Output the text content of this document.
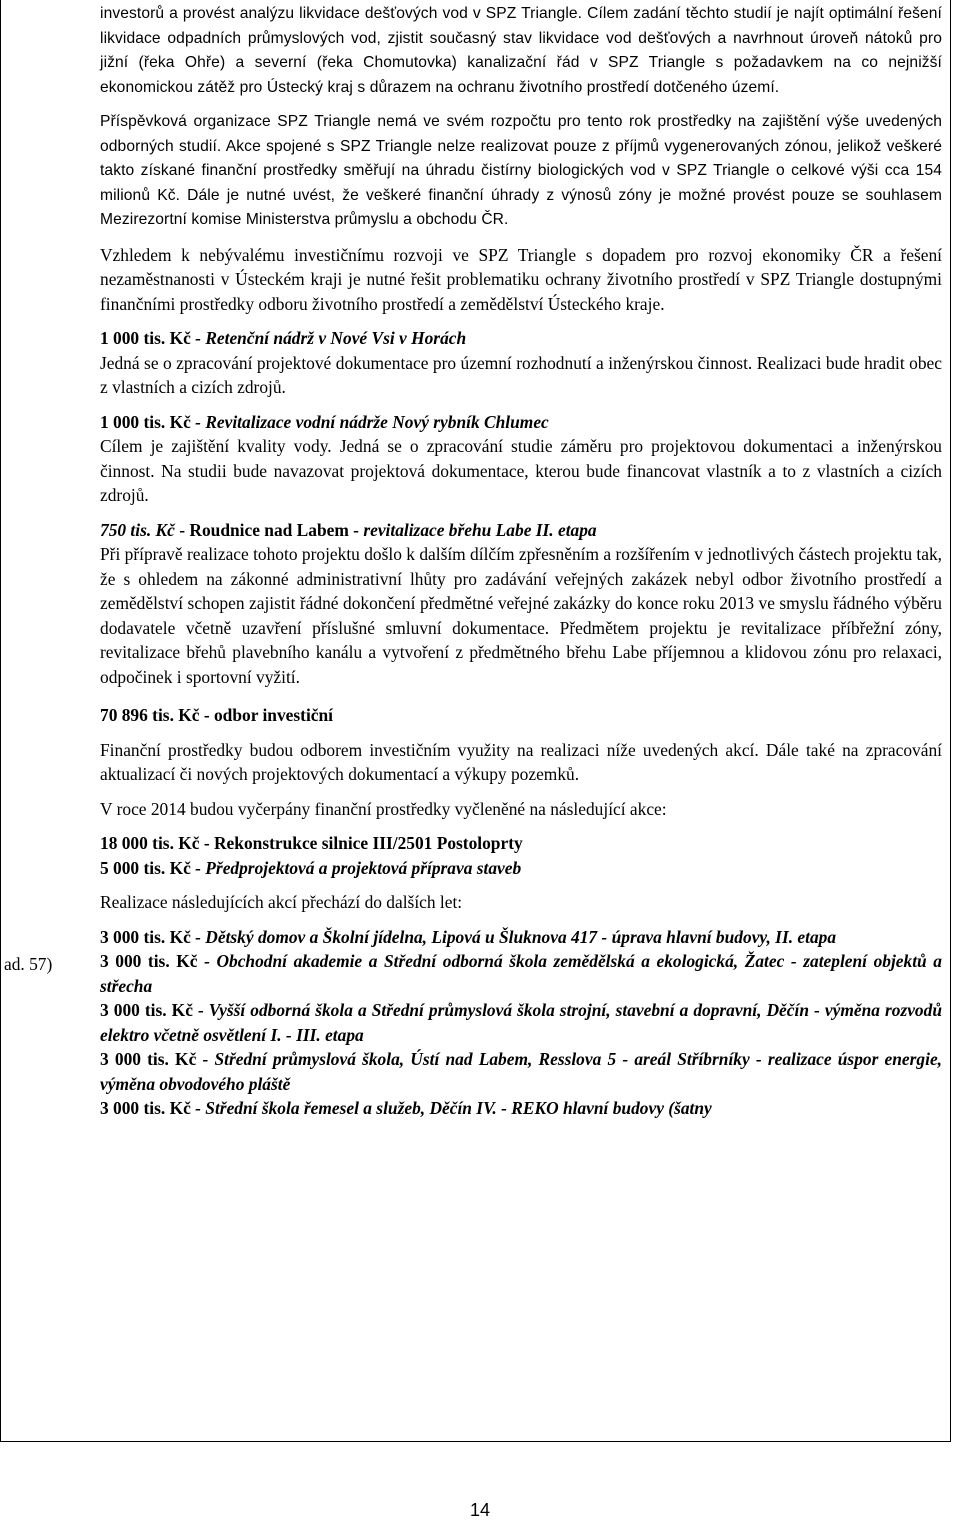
ad. 57)

investorů a provést analýzu likvidace dešťových vod v SPZ Triangle. Cílem zadání těchto studií je najít optimální řešení likvidace odpadních průmyslových vod, zjistit současný stav likvidace vod dešťových a navrhnout úroveň nátoků pro jižní (řeka Ohře) a severní (řeka Chomutovka) kanalizační řád v SPZ Triangle s požadavkem na co nejnižší ekonomickou zátěž pro Ústecký kraj s důrazem na ochranu životního prostředí dotčeného území.

Příspěvková organizace SPZ Triangle nemá ve svém rozpočtu pro tento rok prostředky na zajištění výše uvedených odborných studií. Akce spojené s SPZ Triangle nelze realizovat pouze z příjmů vygenerovaných zónou, jelikož veškeré takto získané finanční prostředky směřují na úhradu čistírny biologických vod v SPZ Triangle o celkové výši cca 154 milionů Kč. Dále je nutné uvést, že veškeré finanční úhrady z výnosů zóny je možné provést pouze se souhlasem Mezirezortní komise Ministerstva průmyslu a obchodu ČR.

Vzhledem k nebývalému investičnímu rozvoji ve SPZ Triangle s dopadem pro rozvoj ekonomiky ČR a řešení nezaměstnanosti v Ústeckém kraji je nutné řešit problematiku ochrany životního prostředí v SPZ Triangle dostupnými finančními prostředky odboru životního prostředí a zemědělství Ústeckého kraje.

1 000 tis. Kč - Retenční nádrž v Nové Vsi v Horách

Jedná se o zpracování projektové dokumentace pro územní rozhodnutí a inženýrskou činnost. Realizaci bude hradit obec z vlastních a cizích zdrojů.

1 000 tis. Kč - Revitalizace vodní nádrže Nový rybník Chlumec

Cílem je zajištění kvality vody. Jedná se o zpracování studie záměru pro projektovou dokumentaci a inženýrskou činnost. Na studii bude navazovat projektová dokumentace, kterou bude financovat vlastník a to z vlastních a cizích zdrojů.

750 tis. Kč - Roudnice nad Labem - revitalizace břehu Labe II. etapa

Při přípravě realizace tohoto projektu došlo k dalším dílčím zpřesněním a rozšířením v jednotlivých částech projektu tak, že s ohledem na zákonné administrativní lhůty pro zadávání veřejných zakázek nebyl odbor životního prostředí a zemědělství schopen zajistit řádné dokončení předmětné veřejné zakázky do konce roku 2013 ve smyslu řádného výběru dodavatele včetně uzavření příslušné smluvní dokumentace. Předmětem projektu je revitalizace příbřežní zóny, revitalizace břehů plavebního kanálu a vytvoření z předmětného břehu Labe příjemnou a klidovou zónu pro relaxaci, odpočinek i sportovní vyžití.

70 896 tis. Kč - odbor investiční

Finanční prostředky budou odborem investičním využity na realizaci níže uvedených akcí. Dále také na zpracování aktualizací či nových projektových dokumentací a výkupy pozemků.

V roce 2014 budou vyčerpány finanční prostředky vyčleněné na následující akce:

18 000 tis. Kč - Rekonstrukce silnice III/2501 Postoloprty

5 000 tis. Kč - Předprojektová a projektová příprava staveb

Realizace následujících akcí přechází do dalších let:

3 000 tis. Kč - Dětský domov a Školní jídelna, Lipová u Šluknova 417 - úprava hlavní budovy, II. etapa

3 000 tis. Kč - Obchodní akademie a Střední odborná škola zemědělská a ekologická, Žatec - zateplení objektů a střecha

3 000 tis. Kč - Vyšší odborná škola a Střední průmyslová škola strojní, stavební a dopravní, Děčín - výměna rozvodů elektro včetně osvětlení I. - III. etapa

3 000 tis. Kč - Střední průmyslová škola, Ústí nad Labem, Resslova 5 - areál Stříbrníky - realizace úspor energie, výměna obvodového pláště

3 000 tis. Kč - Střední škola řemesel a služeb, Děčín IV. - REKO hlavní budovy (šatny

14
